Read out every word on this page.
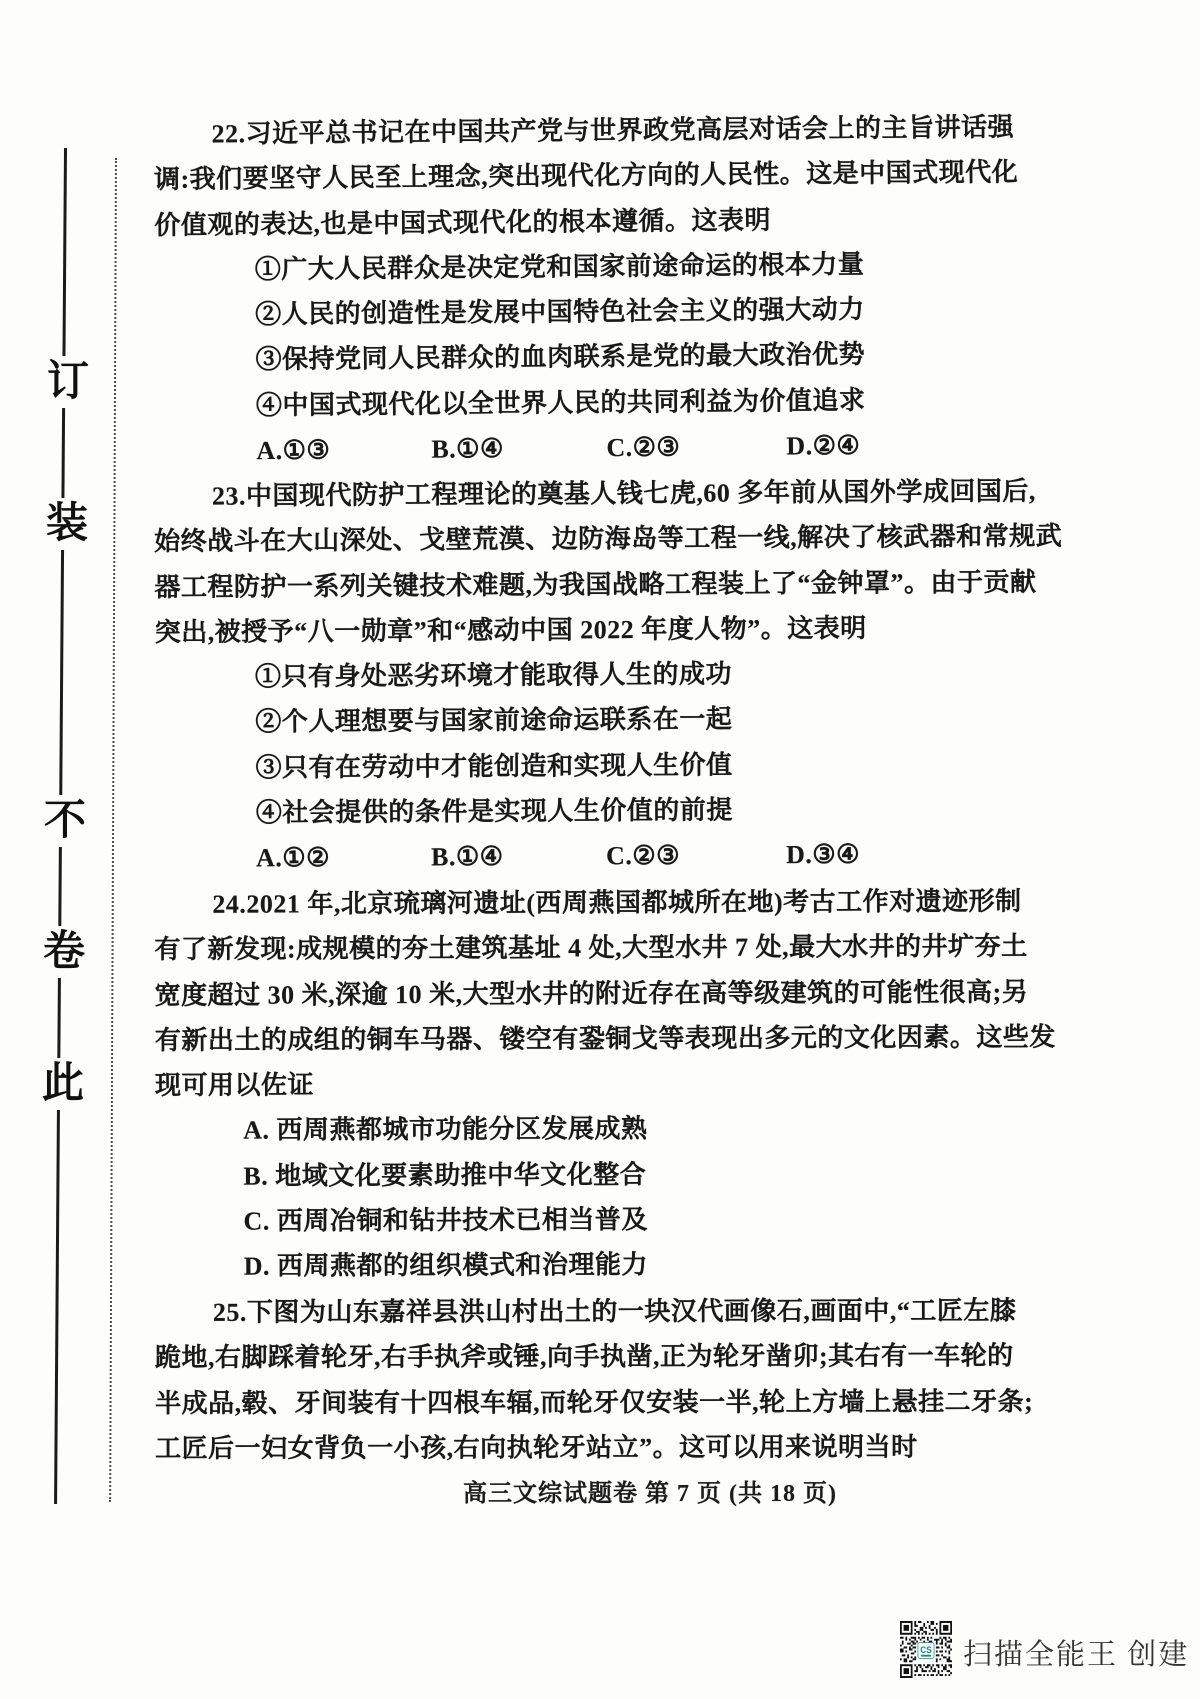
订
装
不
卷
此
22.习近平总书记在中国共产党与世界政党高层对话会上的主旨讲话强
调:我们要坚守人民至上理念,突出现代化方向的人民性。这是中国式现代化
价值观的表达,也是中国式现代化的根本遵循。这表明
①广大人民群众是决定党和国家前途命运的根本力量
②人民的创造性是发展中国特色社会主义的强大动力
③保持党同人民群众的血肉联系是党的最大政治优势
④中国式现代化以全世界人民的共同利益为价值追求
A.①③	B.①④	C.②③	D.②④
23.中国现代防护工程理论的奠基人钱七虎,60 多年前从国外学成回国后,
始终战斗在大山深处、戈壁荒漠、边防海岛等工程一线,解决了核武器和常规武
器工程防护一系列关键技术难题,为我国战略工程装上了“金钟罩”。由于贡献
突出,被授予“八一勋章”和“感动中国 2022 年度人物”。这表明
①只有身处恶劣环境才能取得人生的成功
②个人理想要与国家前途命运联系在一起
③只有在劳动中才能创造和实现人生价值
④社会提供的条件是实现人生价值的前提
A.①②	B.①④	C.②③	D.③④
24.2021 年,北京琉璃河遗址(西周燕国都城所在地)考古工作对遗迹形制
有了新发现:成规模的夯土建筑基址 4 处,大型水井 7 处,最大水井的井圹夯土
宽度超过 30 米,深逾 10 米,大型水井的附近存在高等级建筑的可能性很高;另
有新出土的成组的铜车马器、镂空有銎铜戈等表现出多元的文化因素。这些发
现可用以佐证
A. 西周燕都城市功能分区发展成熟
B. 地域文化要素助推中华文化整合
C. 西周冶铜和钻井技术已相当普及
D. 西周燕都的组织模式和治理能力
25.下图为山东嘉祥县洪山村出土的一块汉代画像石,画面中,“工匠左膝
跪地,右脚踩着轮牙,右手执斧或锤,向手执凿,正为轮牙凿卯;其右有一车轮的
半成品,毂、牙间装有十四根车辐,而轮牙仅安装一半,轮上方墙上悬挂二牙条;
工匠后一妇女背负一小孩,右向执轮牙站立”。这可以用来说明当时
高三文综试题卷 第 7 页 (共 18 页)
CS 扫描全能王 创建
